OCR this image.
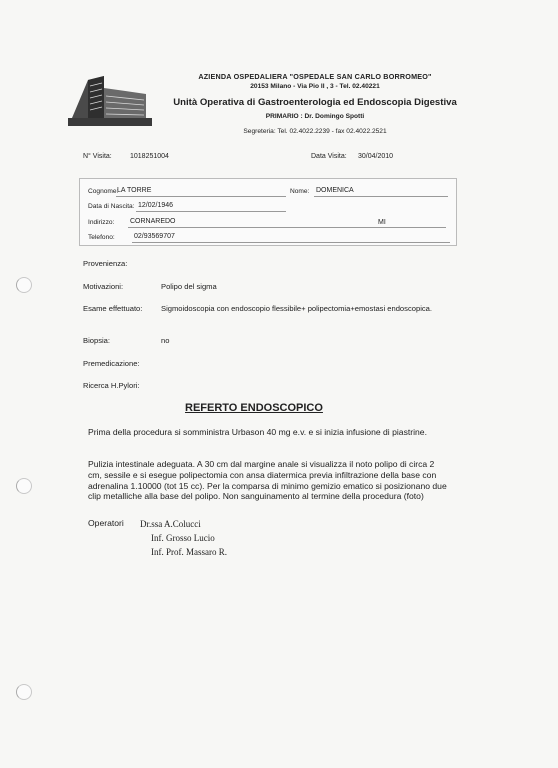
AZIENDA OSPEDALIERA "OSPEDALE SAN CARLO BORROMEO"
20153 Milano - Via Pio II , 3 - Tel. 02.40221
Unità Operativa di Gastroenterologia ed Endoscopia Digestiva
PRIMARIO : Dr. Domingo Spotti
Segreteria: Tel. 02.4022.2239 - fax 02.4022.2521
N° Visita:	1018251004	Data Visita: 30/04/2010
Cognome:
LA TORRE	Nome: DOMENICA
Data di Nascita: 12/02/1946
Indirizzo: CORNAREDO	MI
Telefono:	02/93569707
Provenienza:
Motivazioni:	Polipo del sigma
Esame effettuato: Sigmoidoscopia con endoscopio flessibile+ polipectomia+emostasi endoscopica.
Biopsia:	no
Premedicazione:
Ricerca H.Pylori:
REFERTO ENDOSCOPICO
Prima della procedura si somministra Urbason 40 mg e.v. e si inizia infusione di piastrine.
Pulizia intestinale adeguata. A 30 cm dal margine anale si visualizza il noto polipo di circa 2 cm, sessile e si esegue polipectomia con ansa diatermica previa infiltrazione della base con adrenalina 1.10000 (tot 15 cc). Per la comparsa di minimo gemizio ematico si posizionano due clip metalliche alla base del polipo. Non sanguinamento al termine della procedura (foto)
Operatori	Dr.ssa A.Colucci
Inf. Grosso Lucio
Inf. Prof. Massaro R.
